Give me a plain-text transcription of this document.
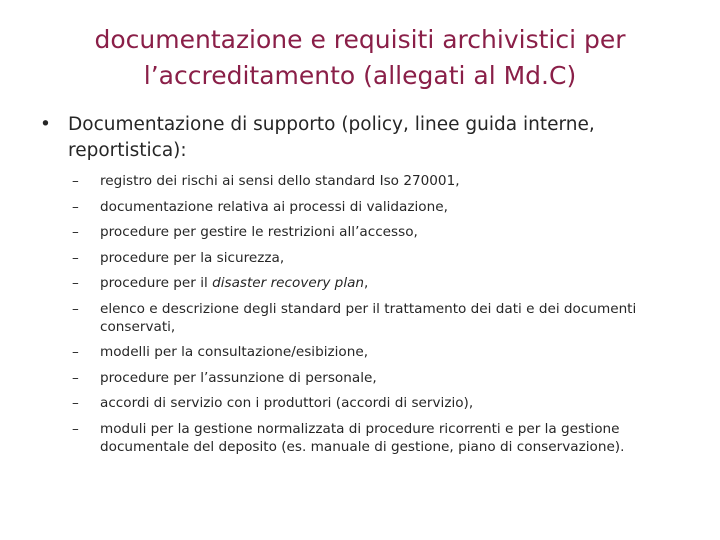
documentazione e requisiti archivistici per
l’accreditamento (allegati al Md.C)
• Documentazione di supporto (policy, linee guida interne, reportistica):
–	registro dei rischi ai sensi dello standard Iso 270001,
–	documentazione relativa ai processi di validazione,
–	procedure per gestire le restrizioni all’accesso,
–	procedure per la sicurezza,
–	procedure per il disaster recovery plan,
–	elenco e descrizione degli standard per il trattamento dei dati e dei documenti conservati,
–	modelli per la consultazione/esibizione,
–	procedure per l’assunzione di personale,
–	accordi di servizio con i produttori (accordi di servizio),
–	moduli per la gestione normalizzata di procedure ricorrenti e per la gestione documentale del deposito (es. manuale di gestione, piano di conservazione).
